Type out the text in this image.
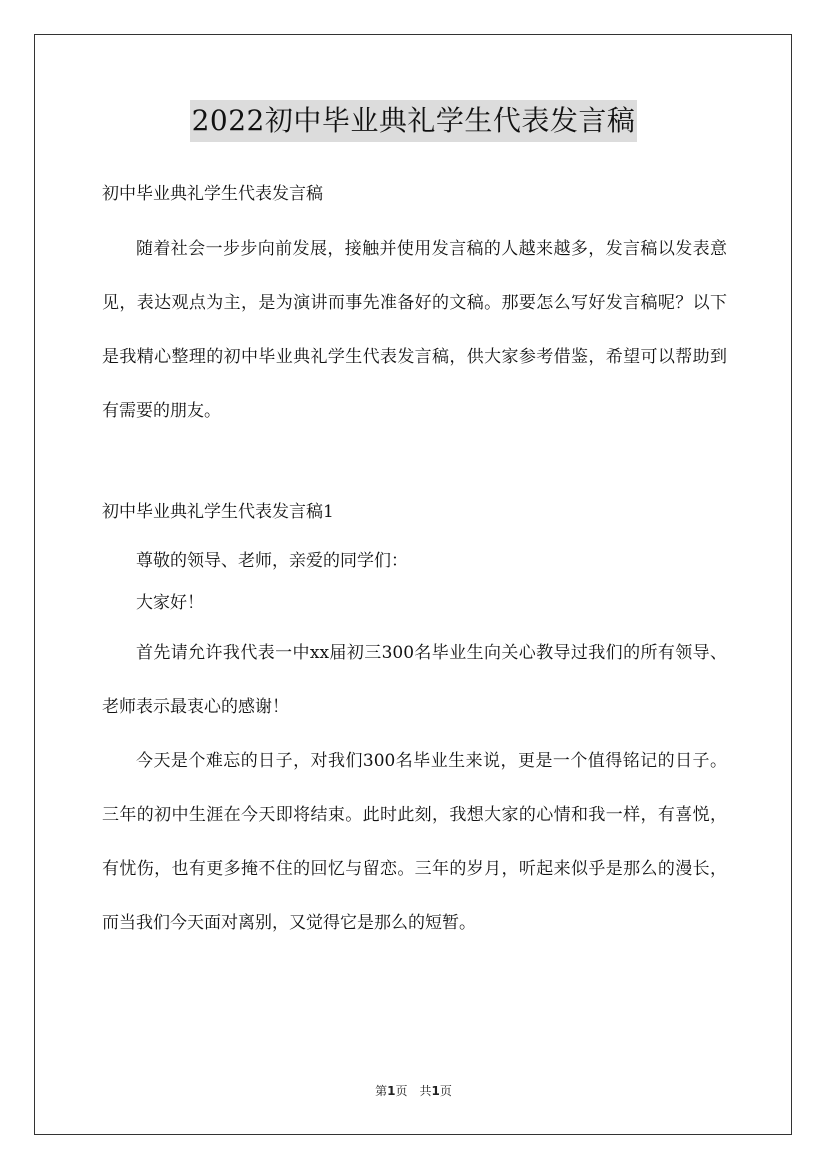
2022初中毕业典礼学生代表发言稿
初中毕业典礼学生代表发言稿
随着社会一步步向前发展，接触并使用发言稿的人越来越多，发言稿以发表意见，表达观点为主，是为演讲而事先准备好的文稿。那要怎么写好发言稿呢？以下是我精心整理的初中毕业典礼学生代表发言稿，供大家参考借鉴，希望可以帮助到有需要的朋友。
初中毕业典礼学生代表发言稿1
尊敬的领导、老师，亲爱的同学们：
大家好！
首先请允许我代表一中xx届初三300名毕业生向关心教导过我们的所有领导、老师表示最衷心的感谢！
今天是个难忘的日子，对我们300名毕业生来说，更是一个值得铭记的日子。三年的初中生涯在今天即将结束。此时此刻，我想大家的心情和我一样，有喜悦，有忧伤，也有更多掩不住的回忆与留恋。三年的岁月，听起来似乎是那么的漫长，而当我们今天面对离别，又觉得它是那么的短暂。
第1页　共1页
